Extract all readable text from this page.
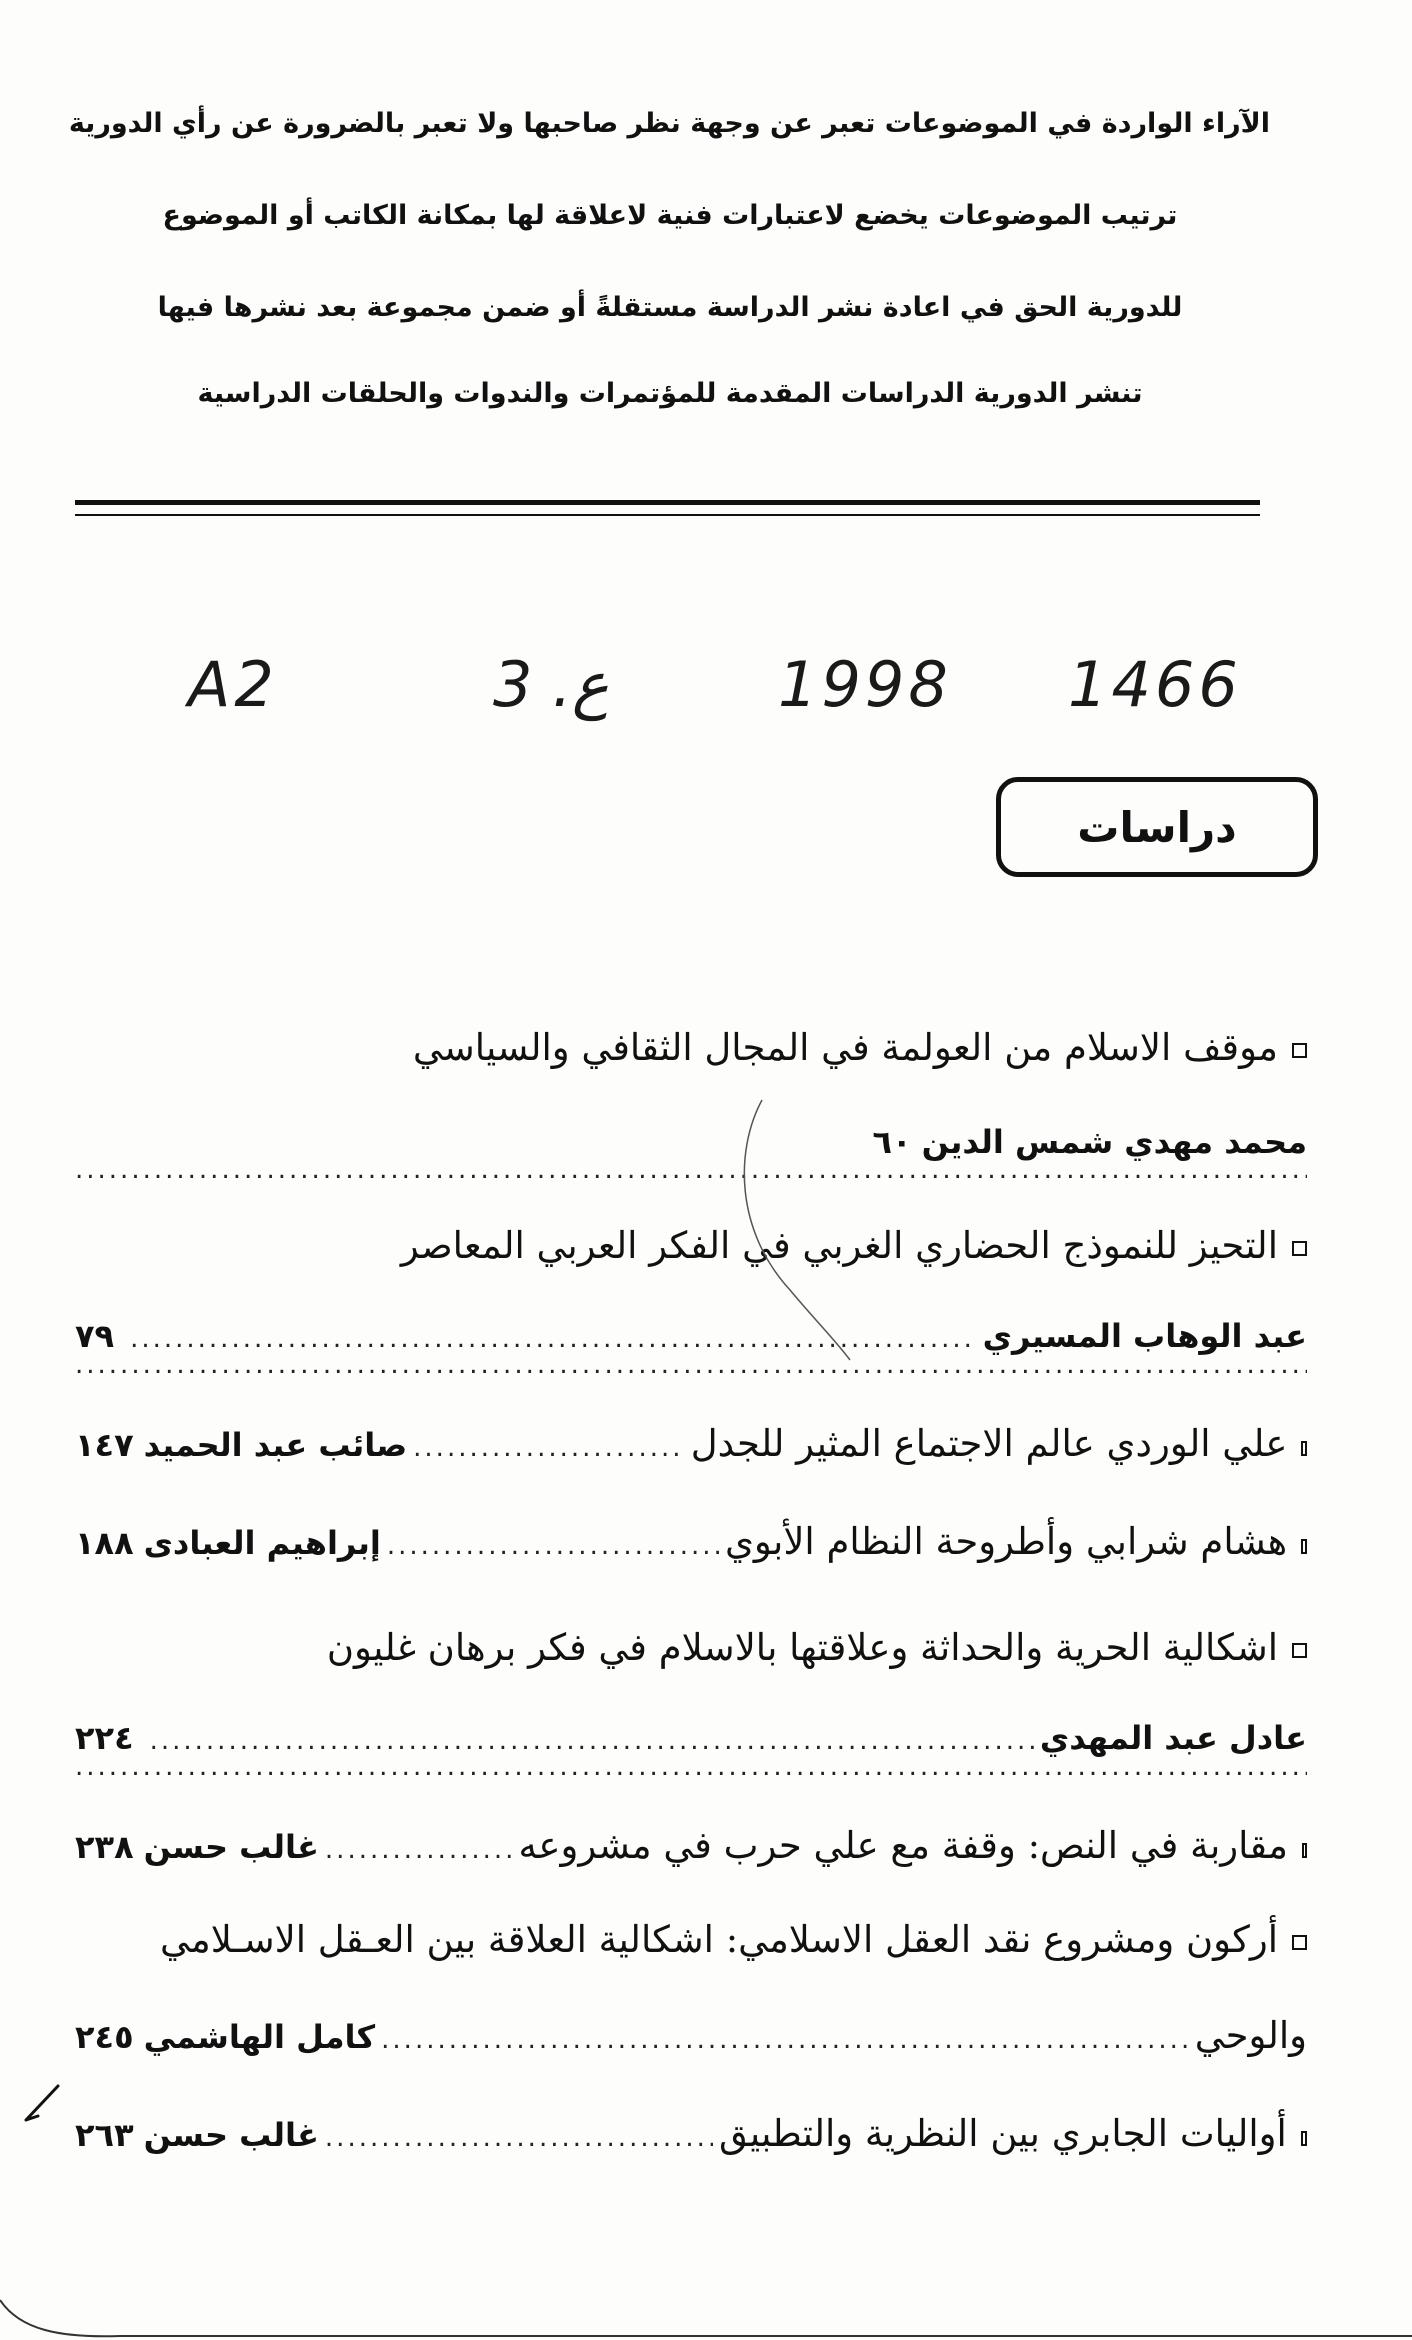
الآراء الواردة في الموضوعات تعبر عن وجهة نظر صاحبها ولا تعبر بالضرورة عن رأي الدورية
ترتيب الموضوعات يخضع لاعتبارات فنية لاعلاقة لها بمكانة الكاتب أو الموضوع
للدورية الحق في اعادة نشر الدراسة مستقلةً أو ضمن مجموعة بعد نشرها فيها
تنشر الدورية الدراسات المقدمة للمؤتمرات والندوات والحلقات الدراسية
A2	3 .ع	1998 1466
دراسات
موقف الاسلام من العولمة في المجال الثقافي والسياسي
محمد مهدي شمس الدين
٦٠
.....
التحيز للنموذج الحضاري الغربي في الفكر العربي المعاصر
عبد الوهاب المسيري
.....
٧٩
.....
علي الوردي عالم الاجتماع المثير للجدل
.....
صائب عبد الحميد
١٤٧
هشام شرابي وأطروحة النظام الأبوي
.....
إبراهيم العبادى
١٨٨
اشكالية الحرية والحداثة وعلاقتها بالاسلام في فكر برهان غليون
عادل عبد المهدي
.....
٢٢٤
.....
مقاربة في النص: وقفة مع علي حرب في مشروعه
.....
غالب حسن
٢٣٨
أركون ومشروع نقد العقل الاسلامي: اشكالية العلاقة بين العـقل الاسـلامي
والوحي
.....
كامل الهاشمي
٢٤٥
أواليات الجابري بين النظرية والتطبيق
.....
غالب حسن
٢٦٣
